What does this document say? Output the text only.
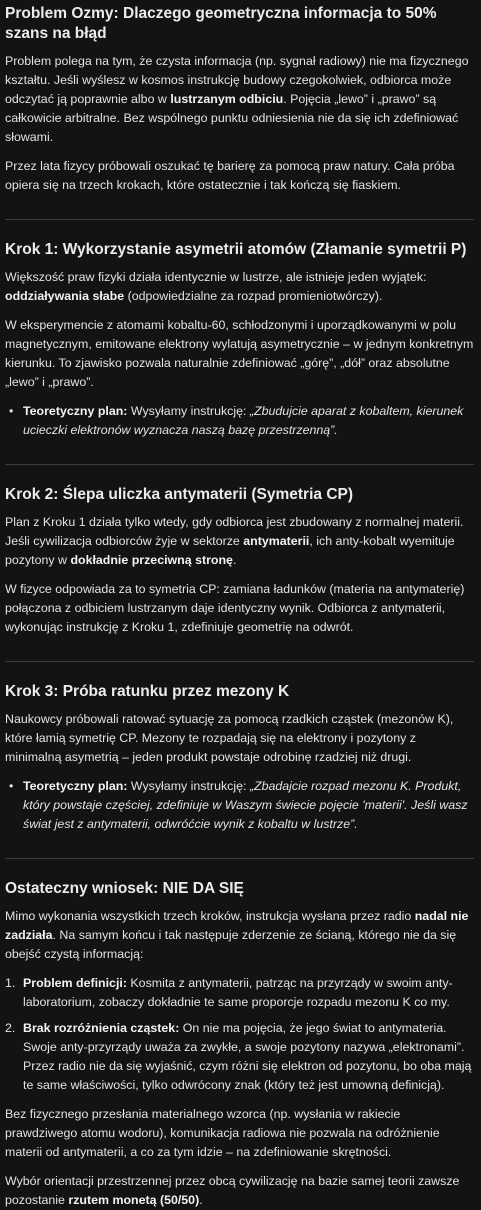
Problem Ozmy: Dlaczego geometryczna informacja to 50% szans na błąd

Problem polega na tym, że czysta informacja (np. sygnał radiowy) nie ma fizycznego kształtu. Jeśli wyślesz w kosmos instrukcję budowy czegokolwiek, odbiorca może odczytać ją poprawnie albo w lustrzanym odbiciu. Pojęcia „lewo” i „prawo” są całkowicie arbitralne. Bez wspólnego punktu odniesienia nie da się ich zdefiniować słowami.

Przez lata fizycy próbowali oszukać tę barierę za pomocą praw natury. Cała próba opiera się na trzech krokach, które ostatecznie i tak kończą się fiaskiem.

Krok 1: Wykorzystanie asymetrii atomów (Złamanie symetrii P)

Większość praw fizyki działa identycznie w lustrze, ale istnieje jeden wyjątek: oddziaływania słabe (odpowiedzialne za rozpad promieniotwórczy).

W eksperymencie z atomami kobaltu-60, schłodzonymi i uporządkowanymi w polu magnetycznym, emitowane elektrony wylatują asymetrycznie – w jednym konkretnym kierunku. To zjawisko pozwala naturalnie zdefiniować „górę”, „dół” oraz absolutne „lewo” i „prawo”.

• Teoretyczny plan: Wysyłamy instrukcję: „Zbudujcie aparat z kobaltem, kierunek ucieczki elektronów wyznacza naszą bazę przestrzenną”.
Krok 2: Ślepa uliczka antymaterii (Symetria CP)

Plan z Kroku 1 działa tylko wtedy, gdy odbiorca jest zbudowany z normalnej materii. Jeśli cywilizacja odbiorców żyje w sektorze antymaterii, ich anty-kobalt wyemituje pozytony w dokładnie przeciwną stronę.

W fizyce odpowiada za to symetria CP: zamiana ładunków (materia na antymaterię) połączona z odbiciem lustrzanym daje identyczny wynik. Odbiorca z antymaterii, wykonując instrukcję z Kroku 1, zdefiniuje geometrię na odwrót.

Krok 3: Próba ratunku przez mezony K

Naukowcy próbowali ratować sytuację za pomocą rzadkich cząstek (mezonów K), które łamią symetrię CP. Mezony te rozpadają się na elektrony i pozytony z minimalną asymetrią – jeden produkt powstaje odrobinę rzadziej niż drugi.

• Teoretyczny plan: Wysyłamy instrukcję: „Zbadajcie rozpad mezonu K. Produkt, który powstaje częściej, zdefiniuje w Waszym świecie pojęcie 'materii'. Jeśli wasz świat jest z antymaterii, odwróćcie wynik z kobaltu w lustrze”.
Ostateczny wniosek: NIE DA SIĘ

Mimo wykonania wszystkich trzech kroków, instrukcja wysłana przez radio nadal nie zadziała. Na samym końcu i tak następuje zderzenie ze ścianą, którego nie da się obejść czystą informacją:

1. Problem definicji: Kosmita z antymaterii, patrząc na przyrządy w swoim anty-laboratorium, zobaczy dokładnie te same proporcje rozpadu mezonu K co my.
2. Brak rozróżnienia cząstek: On nie ma pojęcia, że jego świat to antymateria. Swoje anty-przyrządy uważa za zwykłe, a swoje pozytony nazywa „elektronami”. Przez radio nie da się wyjaśnić, czym różni się elektron od pozytonu, bo oba mają te same właściwości, tylko odwrócony znak (który też jest umowną definicją).

Bez fizycznego przesłania materialnego wzorca (np. wysłania w rakiecie prawdziwego atomu wodoru), komunikacja radiowa nie pozwala na odróżnienie materii od antymaterii, a co za tym idzie – na zdefiniowanie skrętności.

Wybór orientacji przestrzennej przez obcą cywilizację na bazie samej teorii zawsze pozostanie rzutem monetą (50/50).
